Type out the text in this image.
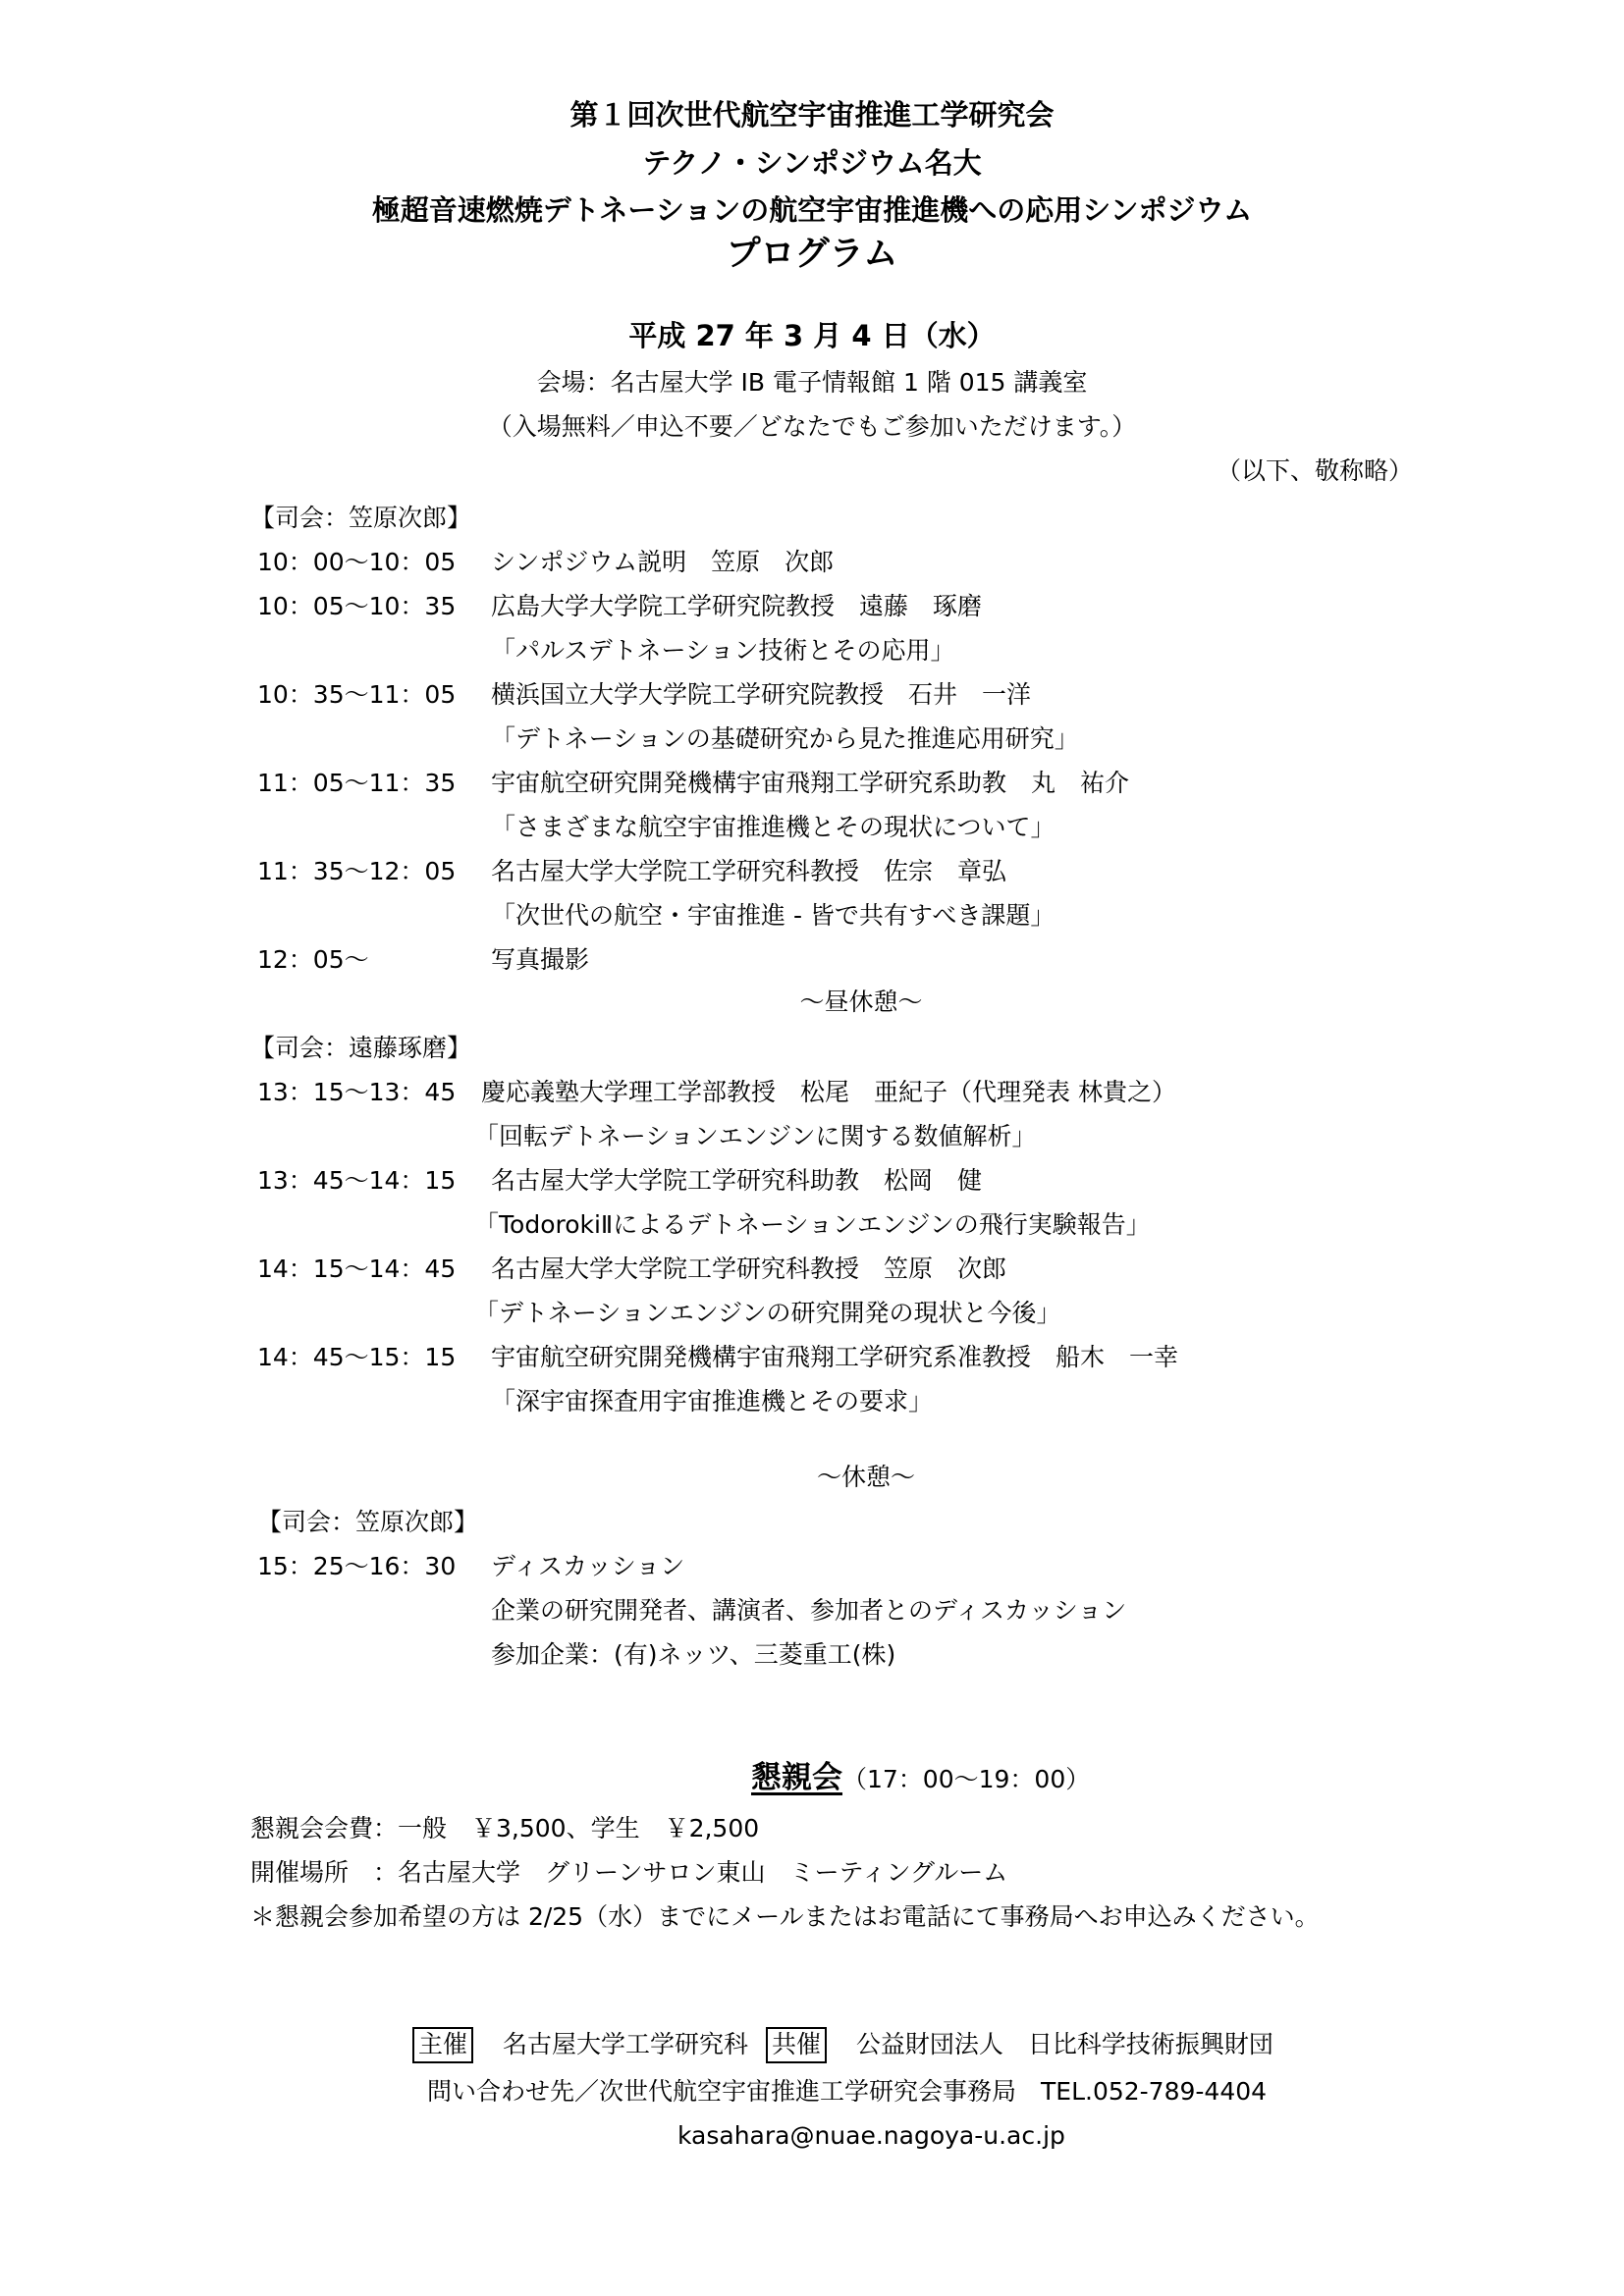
第１回次世代航空宇宙推進工学研究会
テクノ・シンポジウム名大
極超音速燃焼デトネーションの航空宇宙推進機への応用シンポジウム
プログラム
平成 27 年 3 月 4 日（水）
会場：名古屋大学 IB 電子情報館 1 階 015 講義室
（入場無料／申込不要／どなたでもご参加いただけます。）
（以下、敬称略）
【司会：笠原次郎】
10：00～10：05 シンポジウム説明　笠原　次郎
10：05～10：35 広島大学大学院工学研究院教授　遠藤　琢磨
「パルスデトネーション技術とその応用」
10：35～11：05 横浜国立大学大学院工学研究院教授　石井　一洋
「デトネーションの基礎研究から見た推進応用研究」
11：05～11：35 宇宙航空研究開発機構宇宙飛翔工学研究系助教　丸　祐介
「さまざまな航空宇宙推進機とその現状について」
11：35～12：05 名古屋大学大学院工学研究科教授　佐宗　章弘
「次世代の航空・宇宙推進 - 皆で共有すべき課題」
12：05～	写真撮影
～昼休憩～
【司会：遠藤琢磨】
13：15～13：45 慶応義塾大学理工学部教授　松尾　亜紀子（代理発表 林貴之）
「回転デトネーションエンジンに関する数値解析」
13：45～14：15 名古屋大学大学院工学研究科助教　松岡　健
「TodorokiⅡによるデトネーションエンジンの飛行実験報告」
14：15～14：45 名古屋大学大学院工学研究科教授　笠原　次郎
「デトネーションエンジンの研究開発の現状と今後」
14：45～15：15 宇宙航空研究開発機構宇宙飛翔工学研究系准教授　船木　一幸
「深宇宙探査用宇宙推進機とその要求」
～休憩～
【司会：笠原次郎】
15：25～16：30 ディスカッション
企業の研究開発者、講演者、参加者とのディスカッション
参加企業：(有)ネッツ、三菱重工(株)
懇親会（17：00～19：00）
懇親会会費：一般　￥3,500、学生　￥2,500
開催場所　：名古屋大学　グリーンサロン東山　ミーティングルーム
＊懇親会参加希望の方は 2/25（水）までにメールまたはお電話にて事務局へお申込みください。
主催 名古屋大学工学研究科 共催 公益財団法人　日比科学技術振興財団
問い合わせ先／次世代航空宇宙推進工学研究会事務局　TEL.052-789-4404
kasahara@nuae.nagoya-u.ac.jp
